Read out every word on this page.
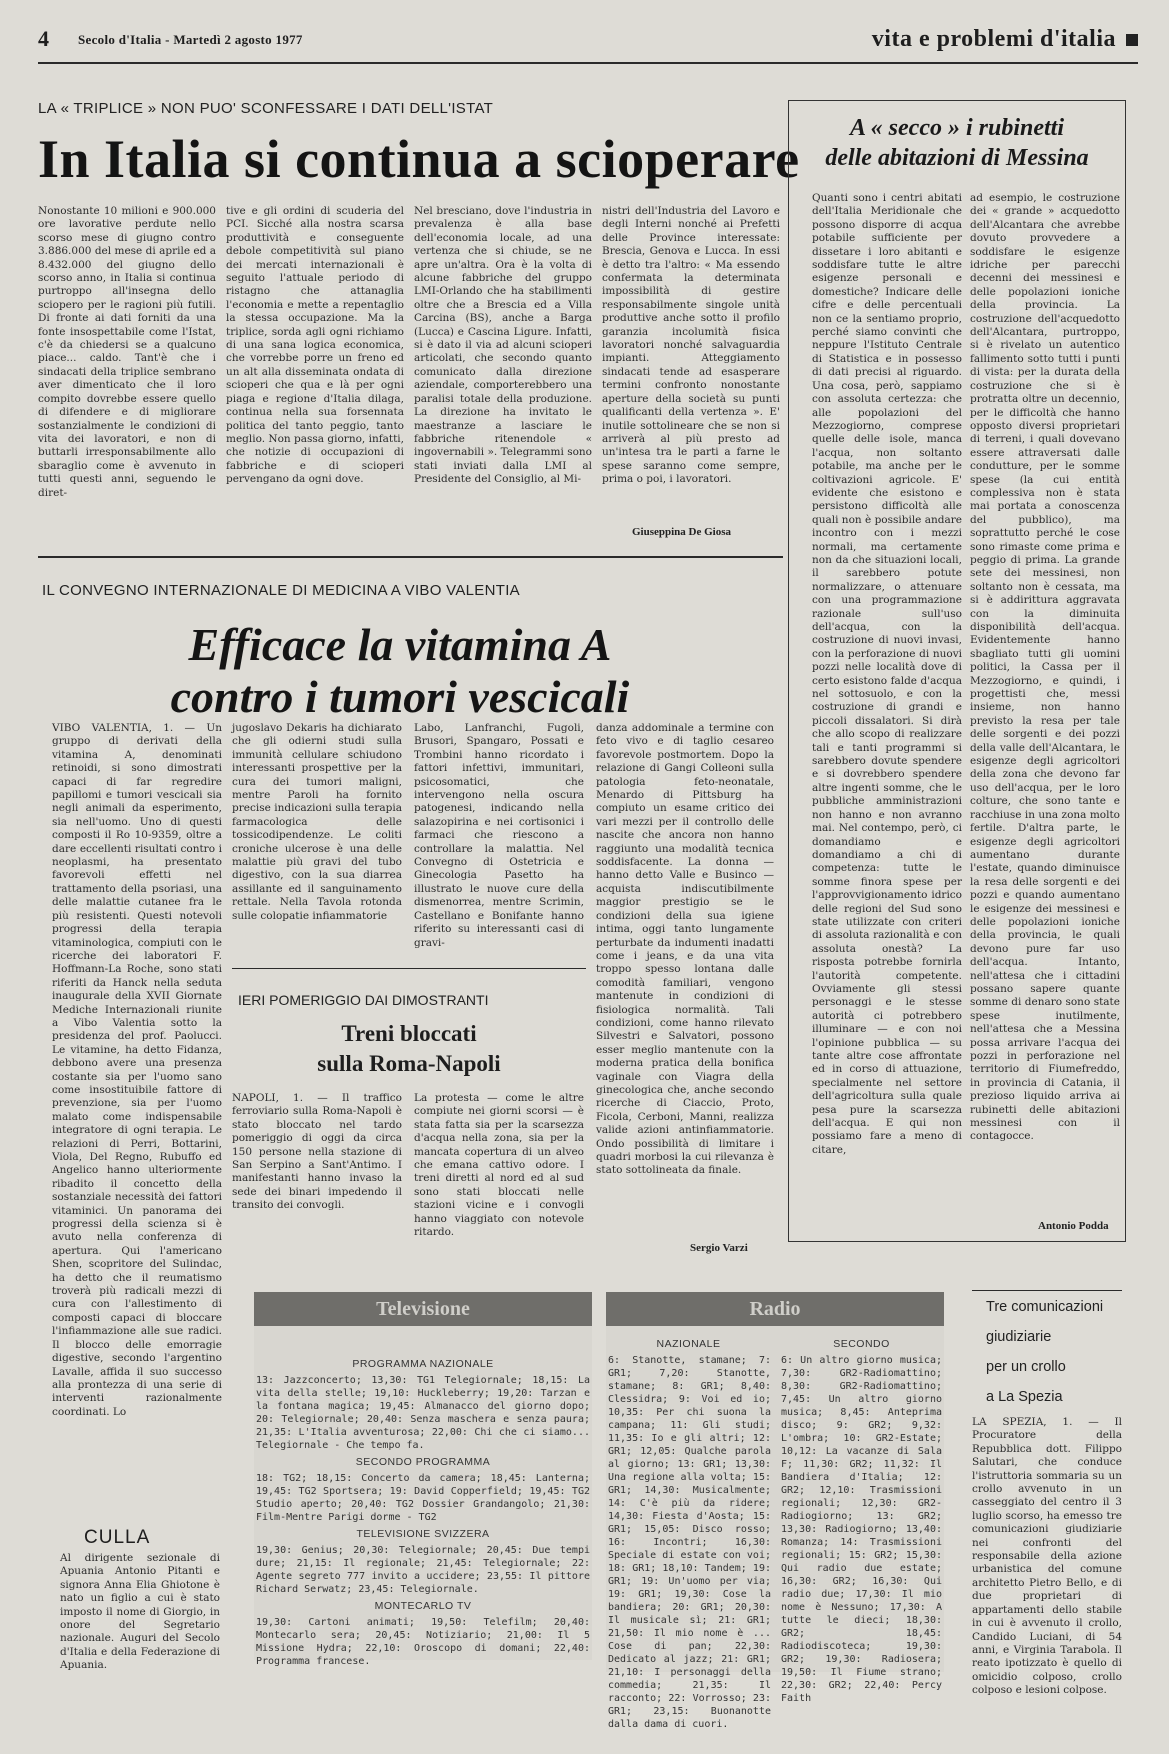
4 Secolo d'Italia - Martedì 2 agosto 1977	vita e problemi d'italia
LA « TRIPLICE » NON PUO' SCONFESSARE I DATI DELL'ISTAT
In Italia si continua a scioperare
Nonostante 10 milioni e 900.000 ore lavorative perdute nello scorso mese di giugno contro 3.886.000 del mese di aprile ed a 8.432.000 del giugno dello scorso anno, in Italia si continua purtroppo all'insegna dello sciopero per le ragioni più futili. Di fronte ai dati forniti da una fonte insospettabile come l'Istat, c'è da chiedersi se a qualcuno piace... caldo. Tant'è che i sindacati della triplice sembrano aver dimenticato che il loro compito dovrebbe essere quello di difendere e di migliorare sostanzialmente le condizioni di vita dei lavoratori, e non di buttarli irresponsabilmente allo sbaraglio come è avvenuto in tutti questi anni, seguendo le diret-
tive e gli ordini di scuderia del PCI. Sicché alla nostra scarsa produttività e conseguente debole competitività sul piano dei mercati internazionali è seguito l'attuale periodo di ristagno che attanaglia l'economia e mette a repentaglio la stessa occupazione. Ma la triplice, sorda agli ogni richiamo di una sana logica economica, che vorrebbe porre un freno ed un alt alla disseminata ondata di scioperi che qua e là per ogni piaga e regione d'Italia dilaga, continua nella sua forsennata politica del tanto peggio, tanto meglio. Non passa giorno, infatti, che notizie di occupazioni di fabbriche e di scioperi pervengano da ogni dove.
Nel bresciano, dove l'industria in prevalenza è alla base dell'economia locale, ad una vertenza che si chiude, se ne apre un'altra. Ora è la volta di alcune fabbriche del gruppo LMI-Orlando che ha stabilimenti oltre che a Brescia ed a Villa Carcina (BS), anche a Barga (Lucca) e Cascina Ligure. Infatti, si è dato il via ad alcuni scioperi articolati, che secondo quanto comunicato dalla direzione aziendale, comporterebbero una paralisi totale della produzione. La direzione ha invitato le maestranze a lasciare le fabbriche ritenendole « ingovernabili ». Telegrammi sono stati inviati dalla LMI al Presidente del Consiglio, al Mi-
nistri dell'Industria del Lavoro e degli Interni nonché ai Prefetti delle Province interessate: Brescia, Genova e Lucca. In essi è detto tra l'altro: « Ma essendo confermata la determinata impossibilità di gestire responsabilmente singole unità produttive anche sotto il profilo garanzia incolumità fisica lavoratori nonché salvaguardia impianti. Atteggiamento sindacati tende ad esasperare termini confronto nonostante aperture della società su punti qualificanti della vertenza ». E' inutile sottolineare che se non si arriverà al più presto ad un'intesa tra le parti a farne le spese saranno come sempre, prima o poi, i lavoratori.
Giuseppina De Giosa
A « secco » i rubinetti
delle abitazioni di Messina
Quanti sono i centri abitati dell'Italia Meridionale che possono disporre di acqua potabile sufficiente per dissetare i loro abitanti e soddisfare tutte le altre esigenze personali e domestiche? Indicare delle cifre e delle percentuali non ce la sentiamo proprio, perché siamo convinti che neppure l'Istituto Centrale di Statistica e in possesso di dati precisi al riguardo. Una cosa, però, sappiamo con assoluta certezza: che alle popolazioni del Mezzogiorno, comprese quelle delle isole, manca l'acqua, non soltanto potabile, ma anche per le coltivazioni agricole. E' evidente che esistono e persistono difficoltà alle quali non è possibile andare incontro con i mezzi normali, ma certamente non da che situazioni locali, il sarebbero potute normalizzare, o attenuare con una programmazione razionale sull'uso dell'acqua, con la costruzione di nuovi invasi, con la perforazione di nuovi pozzi nelle località dove di certo esistono falde d'acqua nel sottosuolo, e con la costruzione di grandi e piccoli dissalatori. Si dirà che allo scopo di realizzare tali e tanti programmi si sarebbero dovute spendere e si dovrebbero spendere altre ingenti somme, che le pubbliche amministrazioni non hanno e non avranno mai. Nel contempo, però, ci domandiamo e domandiamo a chi di competenza: tutte le somme finora spese per l'approvvigionamento idrico delle regioni del Sud sono state utilizzate con criteri di assoluta razionalità e con assoluta onestà? La risposta potrebbe fornirla l'autorità competente. Ovviamente gli stessi personaggi e le stesse autorità ci potrebbero illuminare — e con noi l'opinione pubblica — su tante altre cose affrontate ed in corso di attuazione, specialmente nel settore dell'agricoltura sulla quale pesa pure la scarsezza dell'acqua. E qui non possiamo fare a meno di citare,
ad esempio, le costruzione dei « grande » acquedotto dell'Alcantara che avrebbe dovuto provvedere a soddisfare le esigenze idriche per parecchi decenni dei messinesi e delle popolazioni ioniche della provincia. La costruzione dell'acquedotto dell'Alcantara, purtroppo, si è rivelato un autentico fallimento sotto tutti i punti di vista: per la durata della costruzione che si è protratta oltre un decennio, per le difficoltà che hanno opposto diversi proprietari di terreni, i quali dovevano essere attraversati dalle condutture, per le somme spese (la cui entità complessiva non è stata mai portata a conoscenza del pubblico), ma soprattutto perché le cose sono rimaste come prima e peggio di prima. La grande sete dei messinesi, non soltanto non è cessata, ma si è addirittura aggravata con la diminuita disponibilità dell'acqua. Evidentemente hanno sbagliato tutti gli uomini politici, la Cassa per il Mezzogiorno, e quindi, i progettisti che, messi insieme, non hanno previsto la resa per tale delle sorgenti e dei pozzi della valle dell'Alcantara, le esigenze degli agricoltori della zona che devono far uso dell'acqua, per le loro colture, che sono tante e racchiuse in una zona molto fertile. D'altra parte, le esigenze degli agricoltori aumentano durante l'estate, quando diminuisce la resa delle sorgenti e dei pozzi e quando aumentano le esigenze dei messinesi e delle popolazioni ioniche della provincia, le quali devono pure far uso dell'acqua. Intanto, nell'attesa che i cittadini possano sapere quante somme di denaro sono state spese inutilmente, nell'attesa che a Messina possa arrivare l'acqua dei pozzi in perforazione nel territorio di Fiumefreddo, in provincia di Catania, il prezioso liquido arriva ai rubinetti delle abitazioni messinesi con il contagocce.
Antonio Podda
IL CONVEGNO INTERNAZIONALE DI MEDICINA A VIBO VALENTIA
Efficace la vitamina A
contro i tumori vescicali
VIBO VALENTIA, 1. — Un gruppo di derivati della vitamina A, denominati retinoidi, si sono dimostrati capaci di far regredire papillomi e tumori vescicali sia negli animali da esperimento, sia nell'uomo. Uno di questi composti il Ro 10-9359, oltre a dare eccellenti risultati contro i neoplasmi, ha presentato favorevoli effetti nel trattamento della psoriasi, una delle malattie cutanee fra le più resistenti. Questi notevoli progressi della terapia vitaminologica, compiuti con le ricerche dei laboratori F. Hoffmann-La Roche, sono stati riferiti da Hanck nella seduta inaugurale della XVII Giornate Mediche Internazionali riunite a Vibo Valentia sotto la presidenza del prof. Paolucci. Le vitamine, ha detto Fidanza, debbono avere una presenza costante sia per l'uomo sano come insostituibile fattore di prevenzione, sia per l'uomo malato come indispensabile integratore di ogni terapia. Le relazioni di Perri, Bottarini, Viola, Del Regno, Rubuffo ed Angelico hanno ulteriormente ribadito il concetto della sostanziale necessità dei fattori vitaminici. Un panorama dei progressi della scienza si è avuto nella conferenza di apertura. Qui l'americano Shen, scopritore del Sulindac, ha detto che il reumatismo troverà più radicali mezzi di cura con l'allestimento di composti capaci di bloccare l'infiammazione alle sue radici. Il blocco delle emorragie digestive, secondo l'argentino Lavalle, affida il suo successo alla prontezza di una serie di interventi razionalmente coordinati. Lo
jugoslavo Dekaris ha dichiarato che gli odierni studi sulla immunità cellulare schiudono interessanti prospettive per la cura dei tumori maligni, mentre Paroli ha fornito precise indicazioni sulla terapia farmacologica delle tossicodipendenze. Le coliti croniche ulcerose è una delle malattie più gravi del tubo digestivo, con la sua diarrea assillante ed il sanguinamento rettale. Nella Tavola rotonda sulle colopatie infiammatorie
Labo, Lanfranchi, Fugoli, Brusori, Spangaro, Possati e Trombini hanno ricordato i fattori infettivi, immunitari, psicosomatici, che intervengono nella oscura patogenesi, indicando nella salazopirina e nei cortisonici i farmaci che riescono a controllare la malattia. Nel Convegno di Ostetricia e Ginecologia Pasetto ha illustrato le nuove cure della dismenorrea, mentre Scrimin, Castellano e Bonifante hanno riferito su interessanti casi di gravi-
danza addominale a termine con feto vivo e di taglio cesareo favorevole postmortem. Dopo la relazione di Gangi Colleoni sulla patologia feto-neonatale, Menardo di Pittsburg ha compiuto un esame critico dei vari mezzi per il controllo delle nascite che ancora non hanno raggiunto una modalità tecnica soddisfacente. La donna — hanno detto Valle e Businco — acquista indiscutibilmente maggior prestigio se le condizioni della sua igiene intima, oggi tanto lungamente perturbate da indumenti inadatti come i jeans, e da una vita troppo spesso lontana dalle comodità familiari, vengono mantenute in condizioni di fisiologica normalità. Tali condizioni, come hanno rilevato Silvestri e Salvatori, possono esser meglio mantenute con la moderna pratica della bonifica vaginale con Viagra della ginecologica che, anche secondo ricerche di Ciaccio, Proto, Ficola, Cerboni, Manni, realizza valide azioni antinfiammatorie. Ondo possibilità di limitare i quadri morbosi la cui rilevanza è stato sottolineata da finale.
IERI POMERIGGIO DAI DIMOSTRANTI
Treni bloccati
sulla Roma-Napoli
NAPOLI, 1. — Il traffico ferroviario sulla Roma-Napoli è stato bloccato nel tardo pomeriggio di oggi da circa 150 persone nella stazione di San Serpino a Sant'Antimo. I manifestanti hanno invaso la sede dei binari impedendo il transito dei convogli.
La protesta — come le altre compiute nei giorni scorsi — è stata fatta sia per la scarsezza d'acqua nella zona, sia per la mancata copertura di un alveo che emana cattivo odore. I treni diretti al nord ed al sud sono stati bloccati nelle stazioni vicine e i convogli hanno viaggiato con notevole ritardo.
Sergio Varzi
Televisione
PROGRAMMA NAZIONALE
13: Jazzconcerto; 13,30: TG1 Telegiornale; 18,15: La vita della stelle; 19,10: Huckleberry; 19,20: Tarzan e la fontana magica; 19,45: Almanacco del giorno dopo; 20: Telegiornale; 20,40: Senza maschera e senza paura; 21,35: L'Italia avventurosa; 22,00: Chi che ci siamo... Telegiornale - Che tempo fa.
SECONDO PROGRAMMA
18: TG2; 18,15: Concerto da camera; 18,45: Lanterna; 19,45: TG2 Sportsera; 19: David Copperfield; 19,45: TG2 Studio aperto; 20,40: TG2 Dossier Grandangolo; 21,30: Film-Mentre Parigi dorme - TG2
TELEVISIONE SVIZZERA
19,30: Genius; 20,30: Telegiornale; 20,45: Due tempi dure; 21,15: Il regionale; 21,45: Telegiornale; 22: Agente segreto 777 invito a uccidere; 23,55: Il pittore Richard Serwatz; 23,45: Telegiornale.
MONTECARLO TV
19,30: Cartoni animati; 19,50: Telefilm; 20,40: Montecarlo sera; 20,45: Notiziario; 21,00: Il 5 Missione Hydra; 22,10: Oroscopo di domani; 22,40: Programma francese.
Radio
NAZIONALE
6: Stanotte, stamane; 7: GR1; 7,20: Stanotte, stamane; 8: GR1; 8,40: Clessidra; 9: Voi ed io; 10,35: Per chi suona la campana; 11: Gli studi; 11,35: Io e gli altri; 12: GR1; 12,05: Qualche parola al giorno; 13: GR1; 13,30: Una regione alla volta; 15: GR1; 14,30: Musicalmente; 14: C'è più da ridere; 14,30: Fiesta d'Aosta; 15: GR1; 15,05: Disco rosso; 16: Incontri; 16,30: Speciale di estate con voi; 18: GR1; 18,10: Tandem; 19: GR1; 19: Un'uomo per via; 19: GR1; 19,30: Cose la bandiera; 20: GR1; 20,30: Il musicale sì; 21: GR1; 21,50: Il mio nome è ... Cose di pan; 22,30: Dedicato al jazz; 21: GR1; 21,10: I personaggi della commedia; 21,35: Il racconto; 22: Vorrosso; 23: GR1; 23,15: Buonanotte dalla dama di cuori.
SECONDO
6: Un altro giorno musica; 7,30: GR2-Radiomattino; 8,30: GR2-Radiomattino; 7,45: Un altro giorno musica; 8,45: Anteprima disco; 9: GR2; 9,32: L'ombra; 10: GR2-Estate; 10,12: La vacanze di Sala F; 11,30: GR2; 11,32: Il Bandiera d'Italia; 12: GR2; 12,10: Trasmissioni regionali; 12,30: GR2-Radiogiorno; 13: GR2; 13,30: Radiogiorno; 13,40: Romanza; 14: Trasmissioni regionali; 15: GR2; 15,30: Qui radio due estate; 16,30: GR2; 16,30: Qui radio due; 17,30: Il mio nome è Nessuno; 17,30: A tutte le dieci; 18,30: GR2; 18,45: Radiodiscoteca; 19,30: GR2; 19,30: Radiosera; 19,50: Il Fiume strano; 22,30: GR2; 22,40: Percy Faith
CULLA
Al dirigente sezionale di Apuania Antonio Pitanti e signora Anna Elia Ghiotone è nato un figlio a cui è stato imposto il nome di Giorgio, in onore del Segretario nazionale. Auguri del Secolo d'Italia e della Federazione di Apuania.
Tre comunicazioni
giudiziarie
per un crollo
a La Spezia
LA SPEZIA, 1. — Il Procuratore della Repubblica dott. Filippo Salutari, che conduce l'istruttoria sommaria su un crollo avvenuto in un casseggiato del centro il 3 luglio scorso, ha emesso tre comunicazioni giudiziarie nei confronti del responsabile della azione urbanistica del comune architetto Pietro Bello, e di due proprietari di appartamenti dello stabile in cui è avvenuto il crollo, Candido Luciani, di 54 anni, e Virginia Tarabola. Il reato ipotizzato è quello di omicidio colposo, crollo colposo e lesioni colpose.
